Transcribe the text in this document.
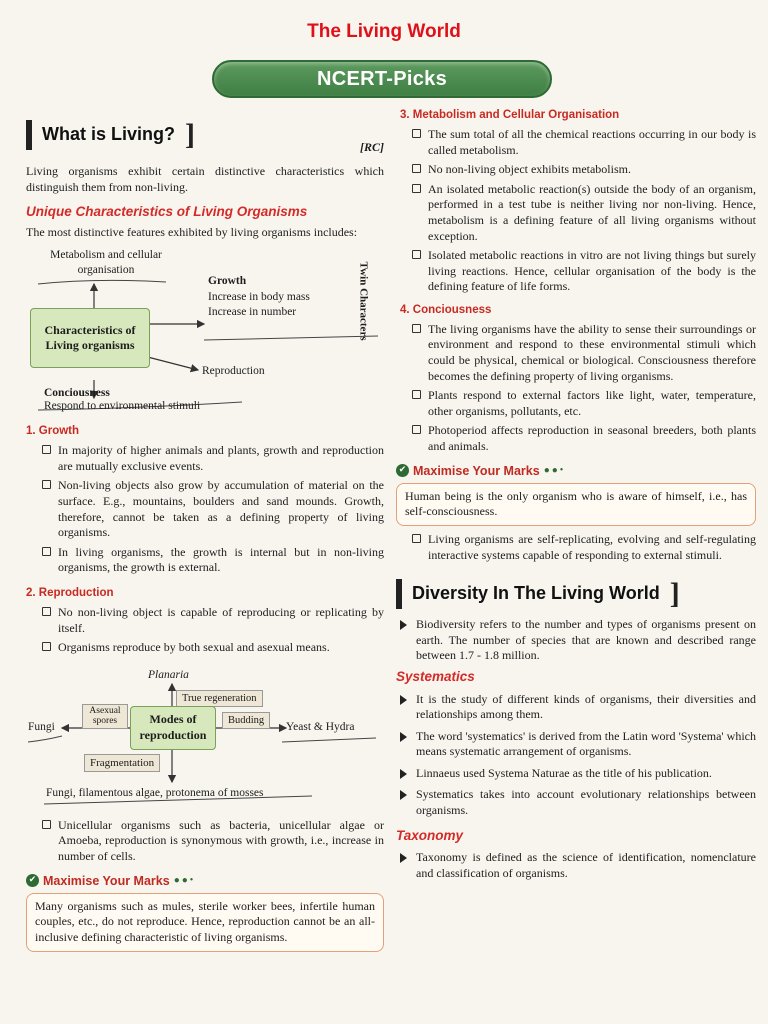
The Living World
NCERT-Picks
What is Living? ]	[RC]

Living organisms exhibit certain distinctive characteristics which distinguish them from non-living.

Unique Characteristics of Living Organisms

The most distinctive features exhibited by living organisms includes:

Metabolism and cellular organisation
Characteristics of Living organisms
Growth
Increase in body mass
Increase in number	Twin Characters
Reproduction
Conciousness
Respond to environmental stimuli
1. Growth
In majority of higher animals and plants, growth and reproduction are mutually exclusive events.
Non-living objects also grow by accumulation of material on the surface. E.g., mountains, boulders and sand mounds. Growth, therefore, cannot be taken as a defining property of living organisms.
In living organisms, the growth is internal but in non-living organisms, the growth is external.
2. Reproduction
No non-living object is capable of reproducing or replicating by itself.
Organisms reproduce by both sexual and asexual means.
Planaria
True regeneration
Asexual spores	Modes of reproduction
Budding
Fungi	Yeast & Hydra
Fragmentation
Fungi, filamentous algae, protonema of mosses
Unicellular organisms such as bacteria, unicellular algae or Amoeba, reproduction is synonymous with growth, i.e., increase in number of cells.
✔ Maximise Your Marks ●●•
Many organisms such as mules, sterile worker bees, infertile human couples, etc., do not reproduce. Hence, reproduction cannot be an all-inclusive defining characteristic of living organisms.
3. Metabolism and Cellular Organisation
The sum total of all the chemical reactions occurring in our body is called metabolism.
No non-living object exhibits metabolism.
An isolated metabolic reaction(s) outside the body of an organism, performed in a test tube is neither living nor non-living. Hence, metabolism is a defining feature of all living organisms without exception.
Isolated metabolic reactions in vitro are not living things but surely living reactions. Hence, cellular organisation of the body is the defining feature of life forms.
4. Conciousness
The living organisms have the ability to sense their surroundings or environment and respond to these environmental stimuli which could be physical, chemical or biological. Consciousness therefore becomes the defining property of living organisms.
Plants respond to external factors like light, water, temperature, other organisms, pollutants, etc.
Photoperiod affects reproduction in seasonal breeders, both plants and animals.
✔ Maximise Your Marks ●●•
Human being is the only organism who is aware of himself, i.e., has self-consciousness.
Living organisms are self-replicating, evolving and self-regulating interactive systems capable of responding to external stimuli.
Diversity In The Living World ]
Biodiversity refers to the number and types of organisms present on earth. The number of species that are known and described range between 1.7 - 1.8 million.
Systematics
It is the study of different kinds of organisms, their diversities and relationships among them.
The word 'systematics' is derived from the Latin word 'Systema' which means systematic arrangement of organisms.
Linnaeus used Systema Naturae as the title of his publication.
Systematics takes into account evolutionary relationships between organisms.
Taxonomy
Taxonomy is defined as the science of identification, nomenclature and classification of organisms.
